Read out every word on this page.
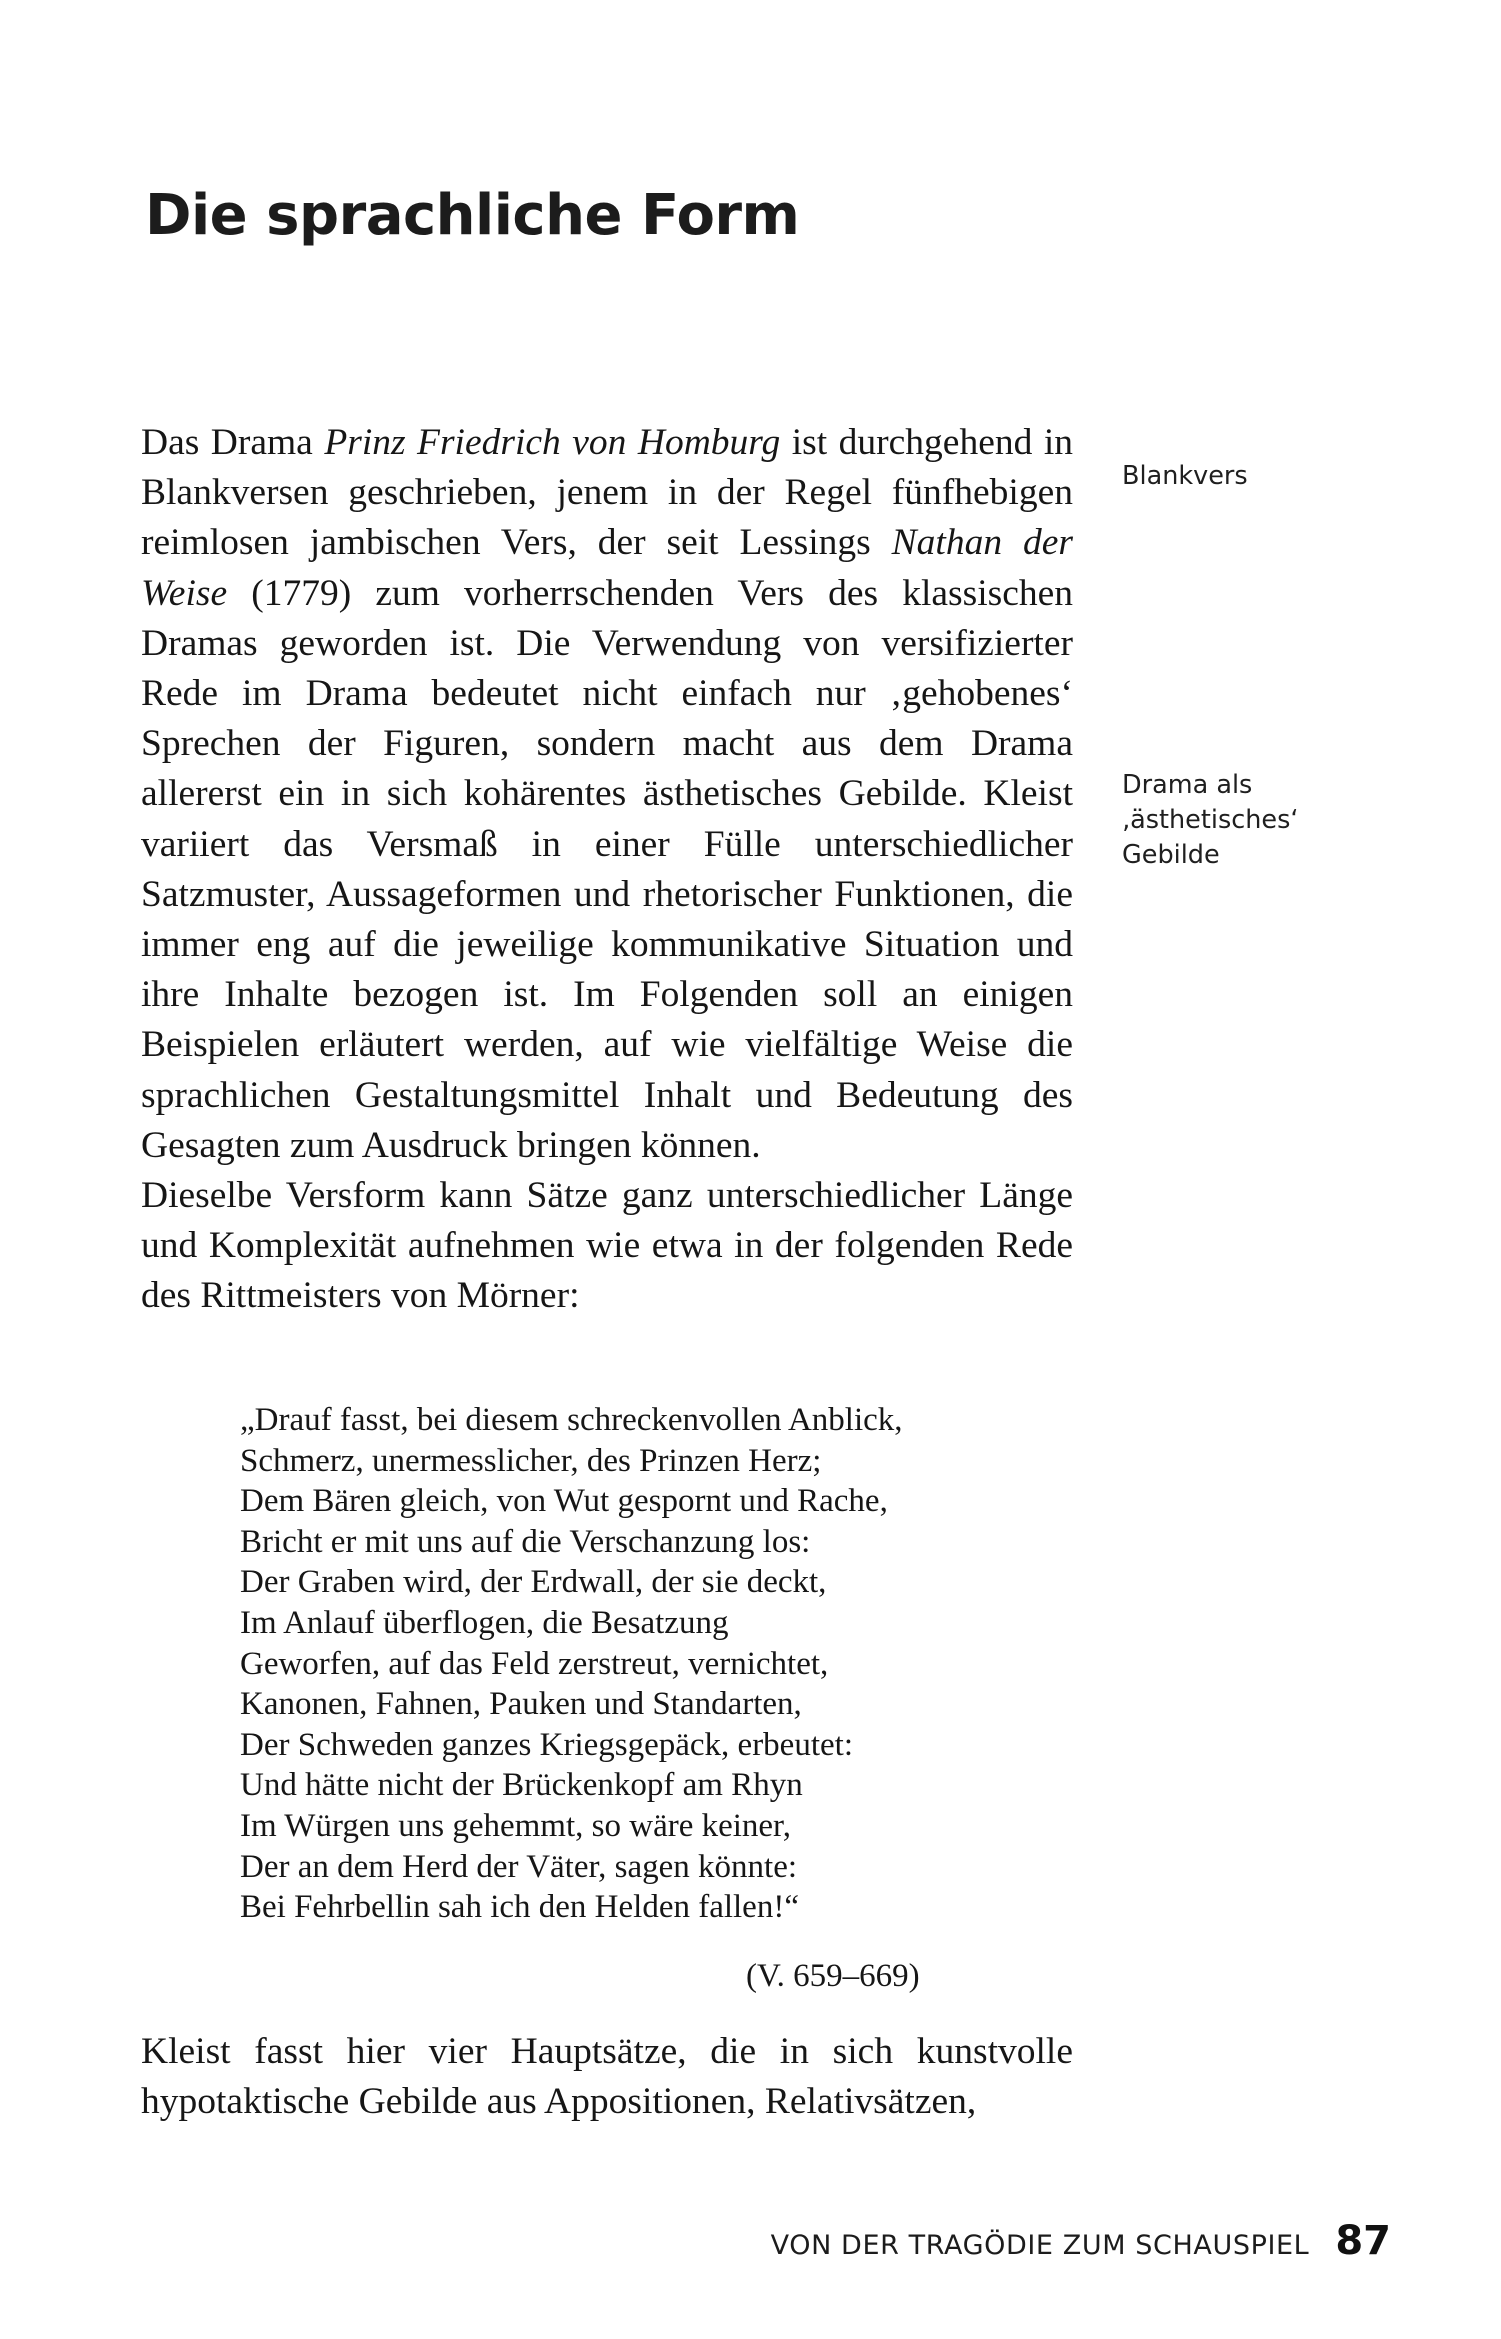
Die sprachliche Form

Das Drama Prinz Friedrich von Homburg ist durchgehend in Blankversen geschrieben, jenem in der Regel fünfhebigen reimlosen jambischen Vers, der seit Lessings Nathan der Weise (1779) zum vorherrschenden Vers des klassischen Dramas geworden ist. Die Verwendung von versifizierter Rede im Drama bedeutet nicht einfach nur ‚gehobenes‘ Sprechen der Figuren, sondern macht aus dem Drama allererst ein in sich kohärentes ästhetisches Gebilde. Kleist variiert das Versmaß in einer Fülle unterschiedlicher Satzmuster, Aussageformen und rhetorischer Funktionen, die immer eng auf die jeweilige kommunikative Situation und ihre Inhalte bezogen ist. Im Folgenden soll an einigen Beispielen erläutert werden, auf wie vielfältige Weise die sprachlichen Gestaltungsmittel Inhalt und Bedeutung des Gesagten zum Ausdruck bringen können.

Dieselbe Versform kann Sätze ganz unterschiedlicher Länge und Komplexität aufnehmen wie etwa in der folgenden Rede des Rittmeisters von Mörner:

„Drauf fasst, bei diesem schreckenvollen Anblick,
Schmerz, unermesslicher, des Prinzen Herz;
Dem Bären gleich, von Wut gespornt und Rache,
Bricht er mit uns auf die Verschanzung los:
Der Graben wird, der Erdwall, der sie deckt,
Im Anlauf überflogen, die Besatzung
Geworfen, auf das Feld zerstreut, vernichtet,
Kanonen, Fahnen, Pauken und Standarten,
Der Schweden ganzes Kriegsgepäck, erbeutet:
Und hätte nicht der Brückenkopf am Rhyn
Im Würgen uns gehemmt, so wäre keiner,
Der an dem Herd der Väter, sagen könnte:
Bei Fehrbellin sah ich den Helden fallen!“
(V. 659–669)

Kleist fasst hier vier Hauptsätze, die in sich kunstvolle hypotaktische Gebilde aus Appositionen, Relativsätzen,

Blankvers
Drama als
‚ästhetisches‘
Gebilde
VON DER TRAGÖDIE ZUM SCHAUSPIEL 87
